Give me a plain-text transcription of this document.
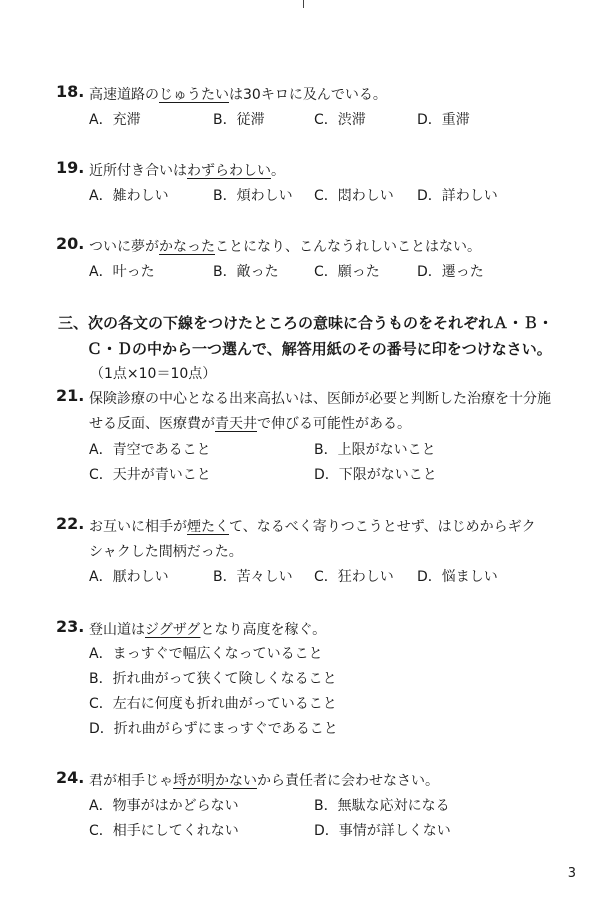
18. 高速道路のじゅうたいは30キロに及んでいる。
A．充滞	B．従滞	C．渋滞	D．重滞
19. 近所付き合いはわずらわしい。
A．雑わしい	B．煩わしい C．悶わしい D．詳わしい
20. ついに夢がかなったことになり、こんなうれしいことはない。
A．叶った	B．敵った	C．願った	D．遷った
三、次の各文の下線をつけたところの意味に合うものをそれぞれＡ・Ｂ・
Ｃ・Ｄの中から一つ選んで、解答用紙のその番号に印をつけなさい。
（1点×10＝10点）
21. 保険診療の中心となる出来高払いは、医師が必要と判断した治療を十分施
せる反面、医療費が青天井で伸びる可能性がある。
A．青空であること	B．上限がないこと
C．天井が青いこと	D．下限がないこと
22. お互いに相手が煙たくて、なるべく寄りつこうとせず、はじめからギク
シャクした間柄だった。
A．厭わしい	B．苦々しい C．狂わしい D．悩ましい
23. 登山道はジグザグとなり高度を稼ぐ。
A．まっすぐで幅広くなっていること
B．折れ曲がって狭くて険しくなること
C．左右に何度も折れ曲がっていること
D．折れ曲がらずにまっすぐであること
24. 君が相手じゃ埒が明かないから責任者に会わせなさい。
A．物事がはかどらない	B．無駄な応対になる
C．相手にしてくれない	D．事情が詳しくない
3
